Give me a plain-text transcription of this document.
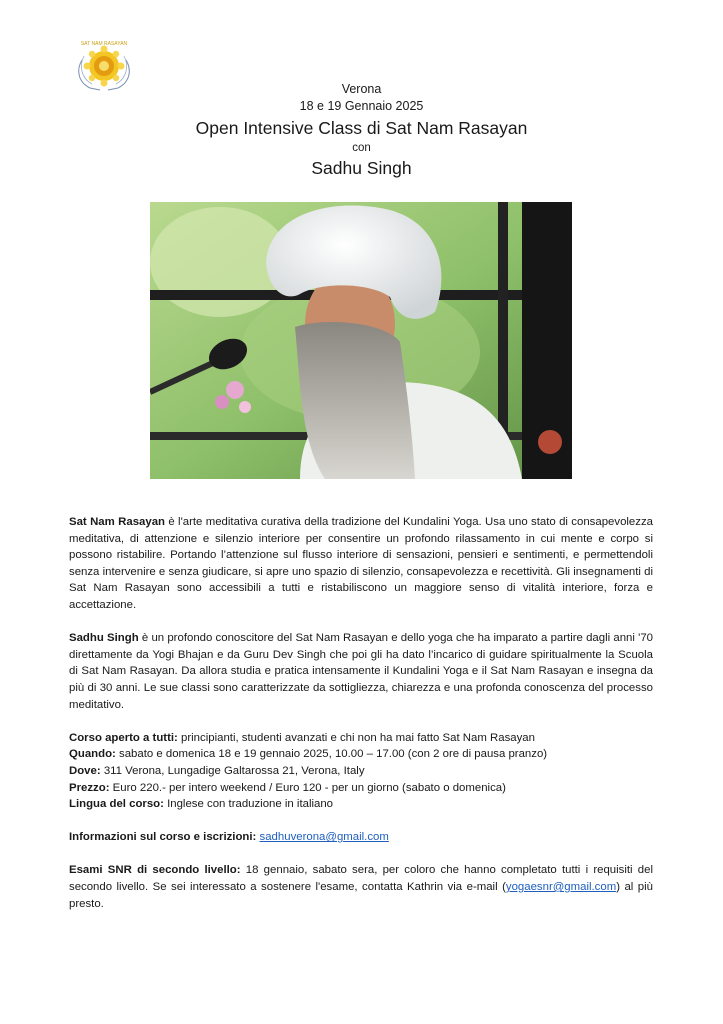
SAT NAM RASAYAN
Verona
18 e 19 Gennaio 2025
Open Intensive Class di Sat Nam Rasayan
con
Sadhu Singh

Sat Nam Rasayan è l'arte meditativa curativa della tradizione del Kundalini Yoga. Usa uno stato di consapevolezza meditativa, di attenzione e silenzio interiore per consentire un profondo rilassamento in cui mente e corpo si possono ristabilire. Portando l’attenzione sul flusso interiore di sensazioni, pensieri e sentimenti, e permettendoli senza intervenire e senza giudicare, si apre uno spazio di silenzio, consapevolezza e recettività. Gli insegnamenti di Sat Nam Rasayan sono accessibili a tutti e ristabiliscono un maggiore senso di vitalità interiore, forza e accettazione.

Sadhu Singh è un profondo conoscitore del Sat Nam Rasayan e dello yoga che ha imparato a partire dagli anni '70 direttamente da Yogi Bhajan e da Guru Dev Singh che poi gli ha dato l’incarico di guidare spiritualmente la Scuola di Sat Nam Rasayan. Da allora studia e pratica intensamente il Kundalini Yoga e il Sat Nam Rasayan e insegna da più di 30 anni. Le sue classi sono caratterizzate da sottigliezza, chiarezza e una profonda conoscenza del processo meditativo.

Corso aperto a tutti: principianti, studenti avanzati e chi non ha mai fatto Sat Nam Rasayan
Quando: sabato e domenica 18 e 19 gennaio 2025, 10.00 – 17.00 (con 2 ore di pausa pranzo)
Dove: 311 Verona, Lungadige Galtarossa 21, Verona, Italy
Prezzo: Euro 220.- per intero weekend / Euro 120 - per un giorno (sabato o domenica)
Lingua del corso: Inglese con traduzione in italiano
Informazioni sul corso e iscrizioni: sadhuverona@gmail.com

Esami SNR di secondo livello: 18 gennaio, sabato sera, per coloro che hanno completato tutti i requisiti del secondo livello. Se sei interessato a sostenere l'esame, contatta Kathrin via e-mail (yogaesnr@gmail.com) al più presto.
